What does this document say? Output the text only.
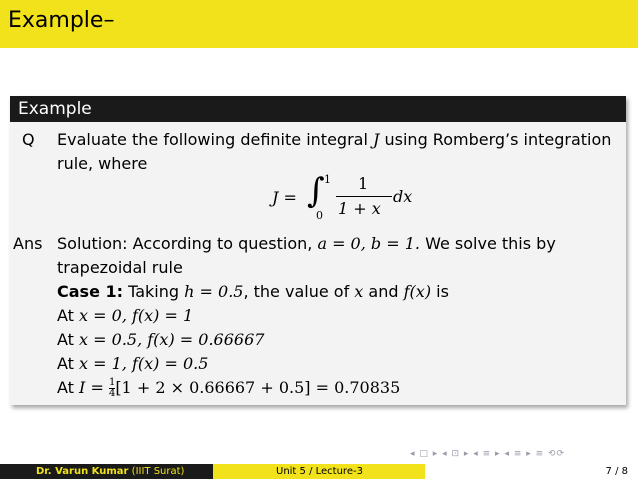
Example–
Example
Q Evaluate the following definite integral J using Romberg’s integration
rule, where
J = ∫ 1
0
1
1 + x
dx
Ans Solution: According to question, a = 0, b = 1. We solve this by
trapezoidal rule
Case 1: Taking h = 0.5, the value of x and f(x) is
At x = 0, f(x) = 1
At x = 0.5, f(x) = 0.66667
At x = 1, f(x) = 0.5
At $I = \frac{1}{4} [1 + 2 \times 0.66667 + 0.5] = 0.70835$
◂ □ ▸ ◂ ⊡ ▸ ◂ ≡ ▸ ◂ ≡ ▸ ≡ ⟲⟳
Dr. Varun Kumar (IIIT Surat)	Unit 5 / Lecture-3	7 / 8
